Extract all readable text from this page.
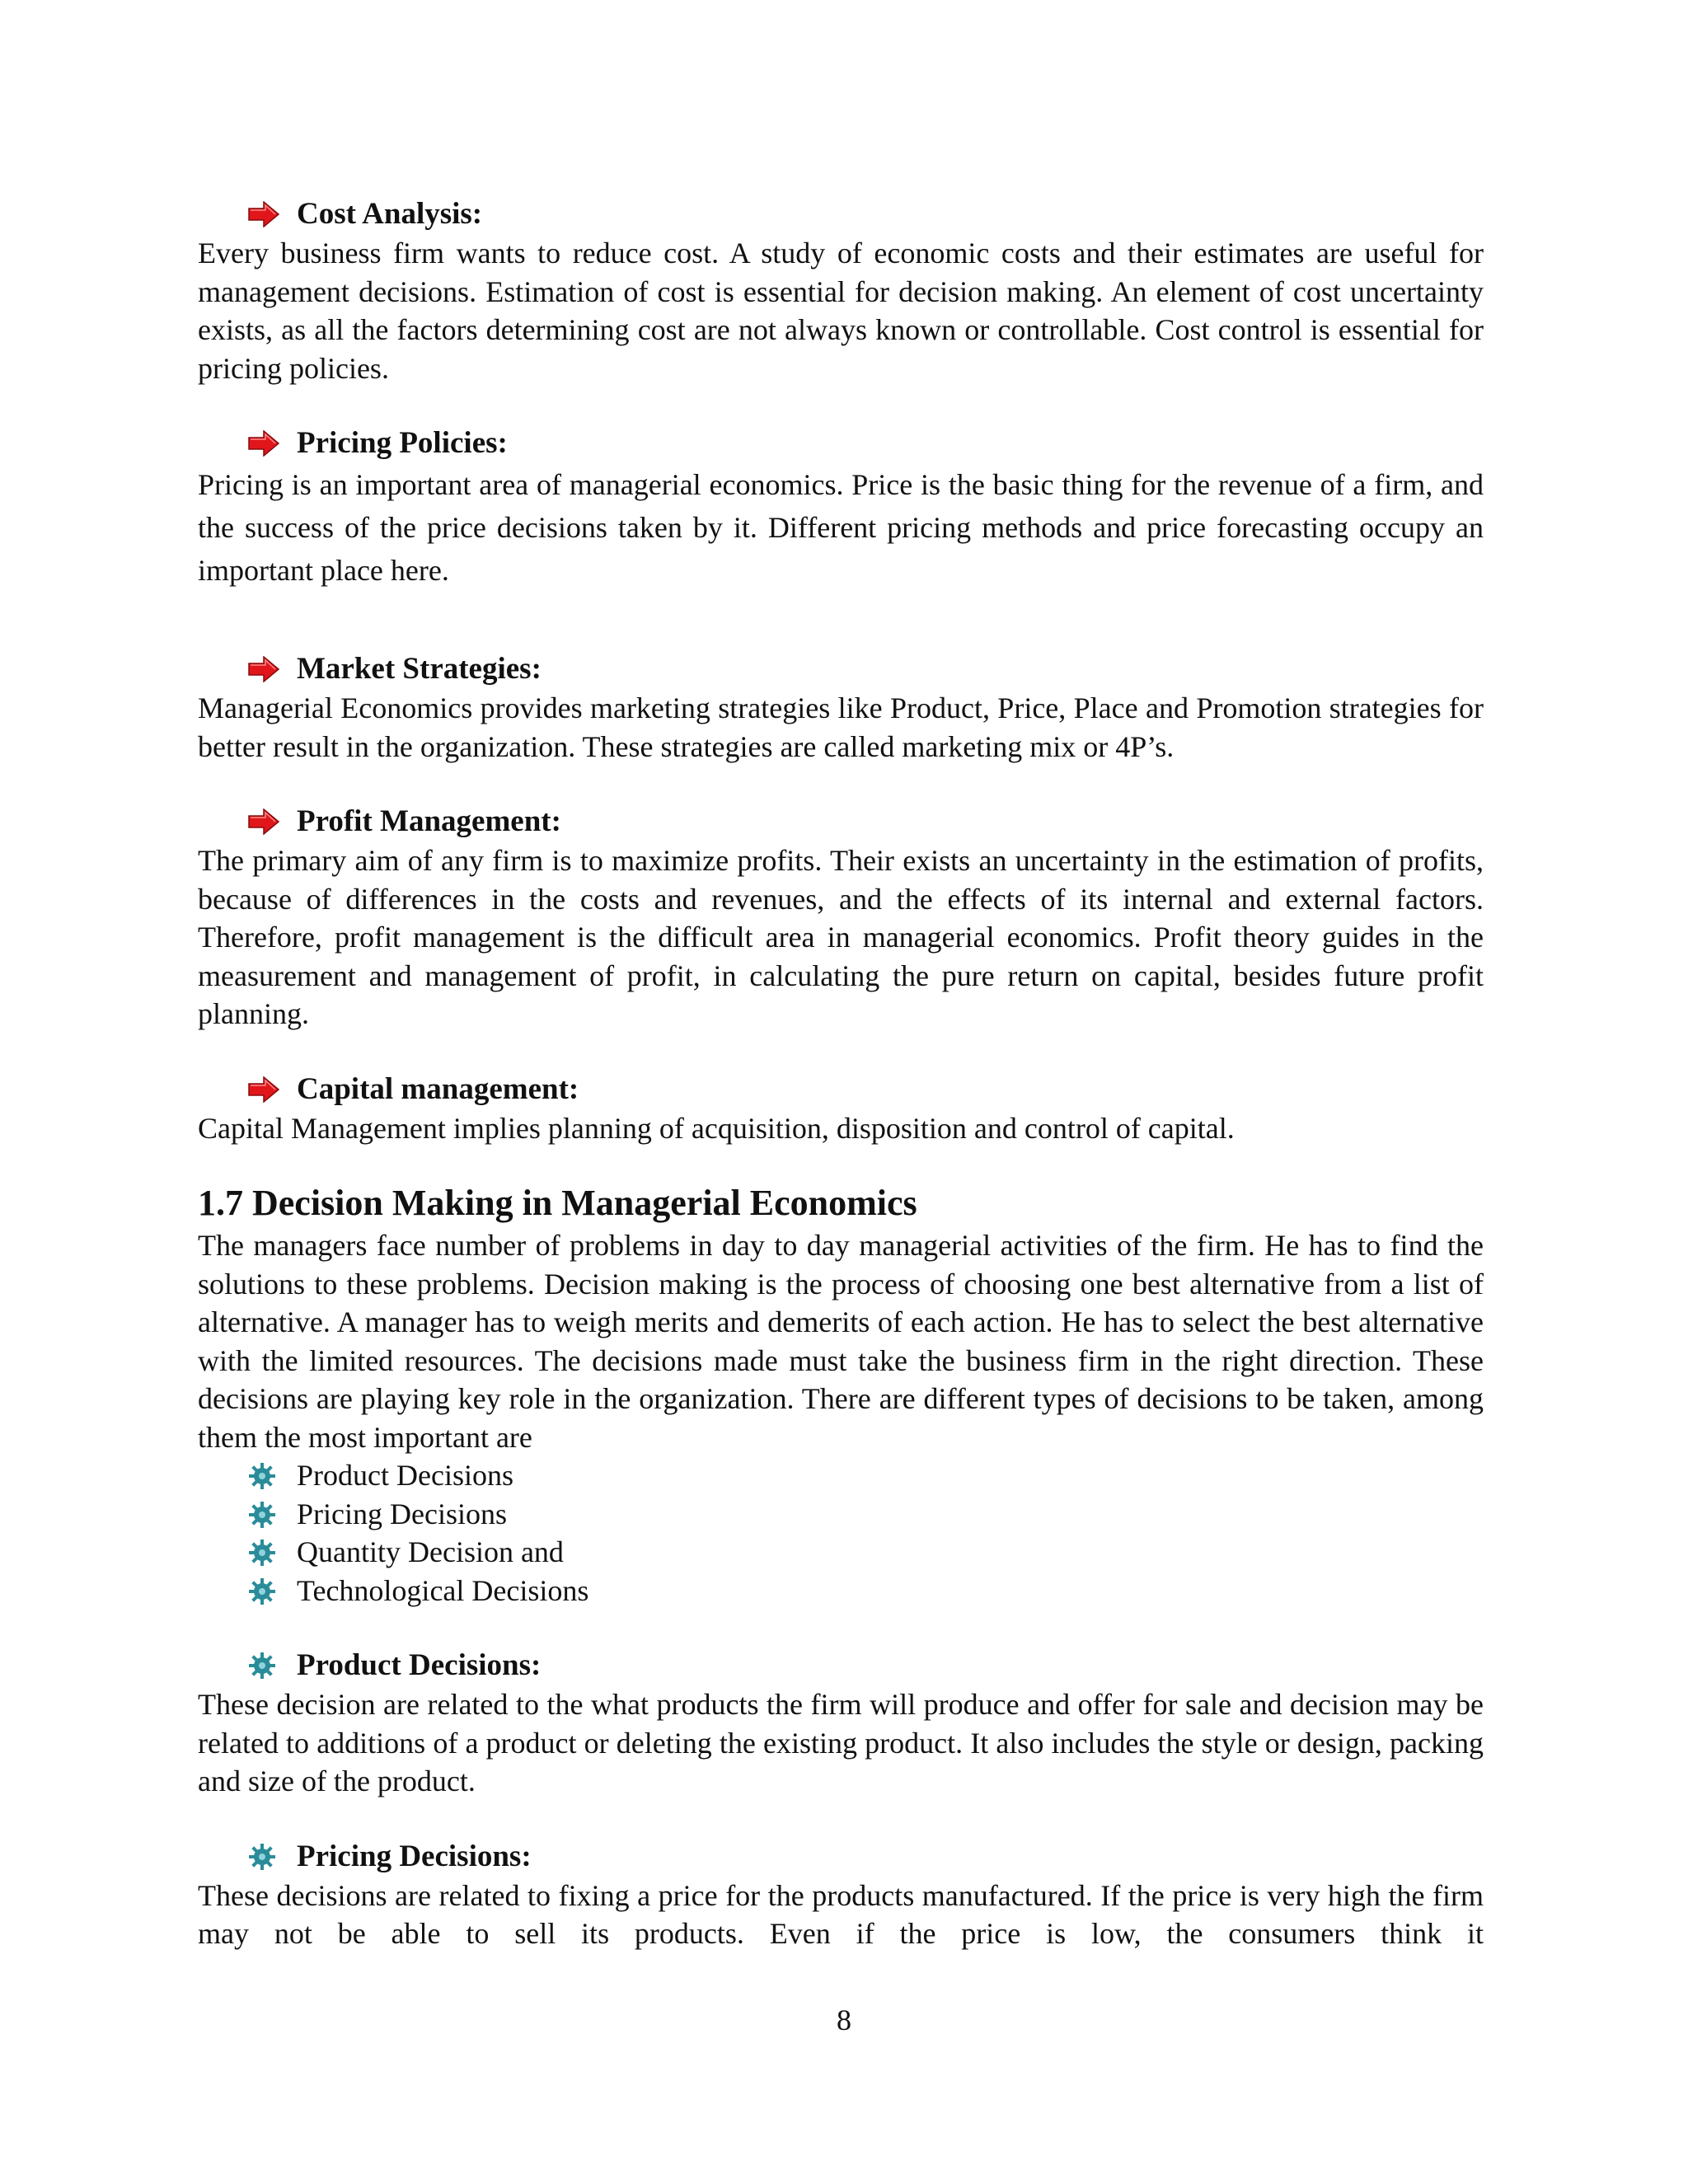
Cost Analysis:

Every business firm wants to reduce cost. A study of economic costs and their estimates are useful for management decisions. Estimation of cost is essential for decision making. An element of cost uncertainty exists, as all the factors determining cost are not always known or controllable. Cost control is essential for pricing policies.

Pricing Policies:

Pricing is an important area of managerial economics. Price is the basic thing for the revenue of a firm, and the success of the price decisions taken by it. Different pricing methods and price forecasting occupy an important place here.

Market Strategies:

Managerial Economics provides marketing strategies like Product, Price, Place and Promotion strategies for better result in the organization. These strategies are called marketing mix or 4P’s.

Profit Management:

The primary aim of any firm is to maximize profits. Their exists an uncertainty in the estimation of profits, because of differences in the costs and revenues, and the effects of its internal and external factors. Therefore, profit management is the difficult area in managerial economics. Profit theory guides in the measurement and management of profit, in calculating the pure return on capital, besides future profit planning.

Capital management:

Capital Management implies planning of acquisition, disposition and control of capital.

1.7 Decision Making in Managerial Economics

The managers face number of problems in day to day managerial activities of the firm. He has to find the solutions to these problems. Decision making is the process of choosing one best alternative from a list of alternative. A manager has to weigh merits and demerits of each action. He has to select the best alternative with the limited resources. The decisions made must take the business firm in the right direction. These decisions are playing key role in the organization. There are different types of decisions to be taken, among them the most important are

Product Decisions
Pricing Decisions
Quantity Decision and
Technological Decisions
Product Decisions:

These decision are related to the what products the firm will produce and offer for sale and decision may be related to additions of a product or deleting the existing product. It also includes the style or design, packing and size of the product.

Pricing Decisions:

These decisions are related to fixing a price for the products manufactured. If the price is very high the firm may not be able to sell its products. Even if the price is low, the consumers think it

8
